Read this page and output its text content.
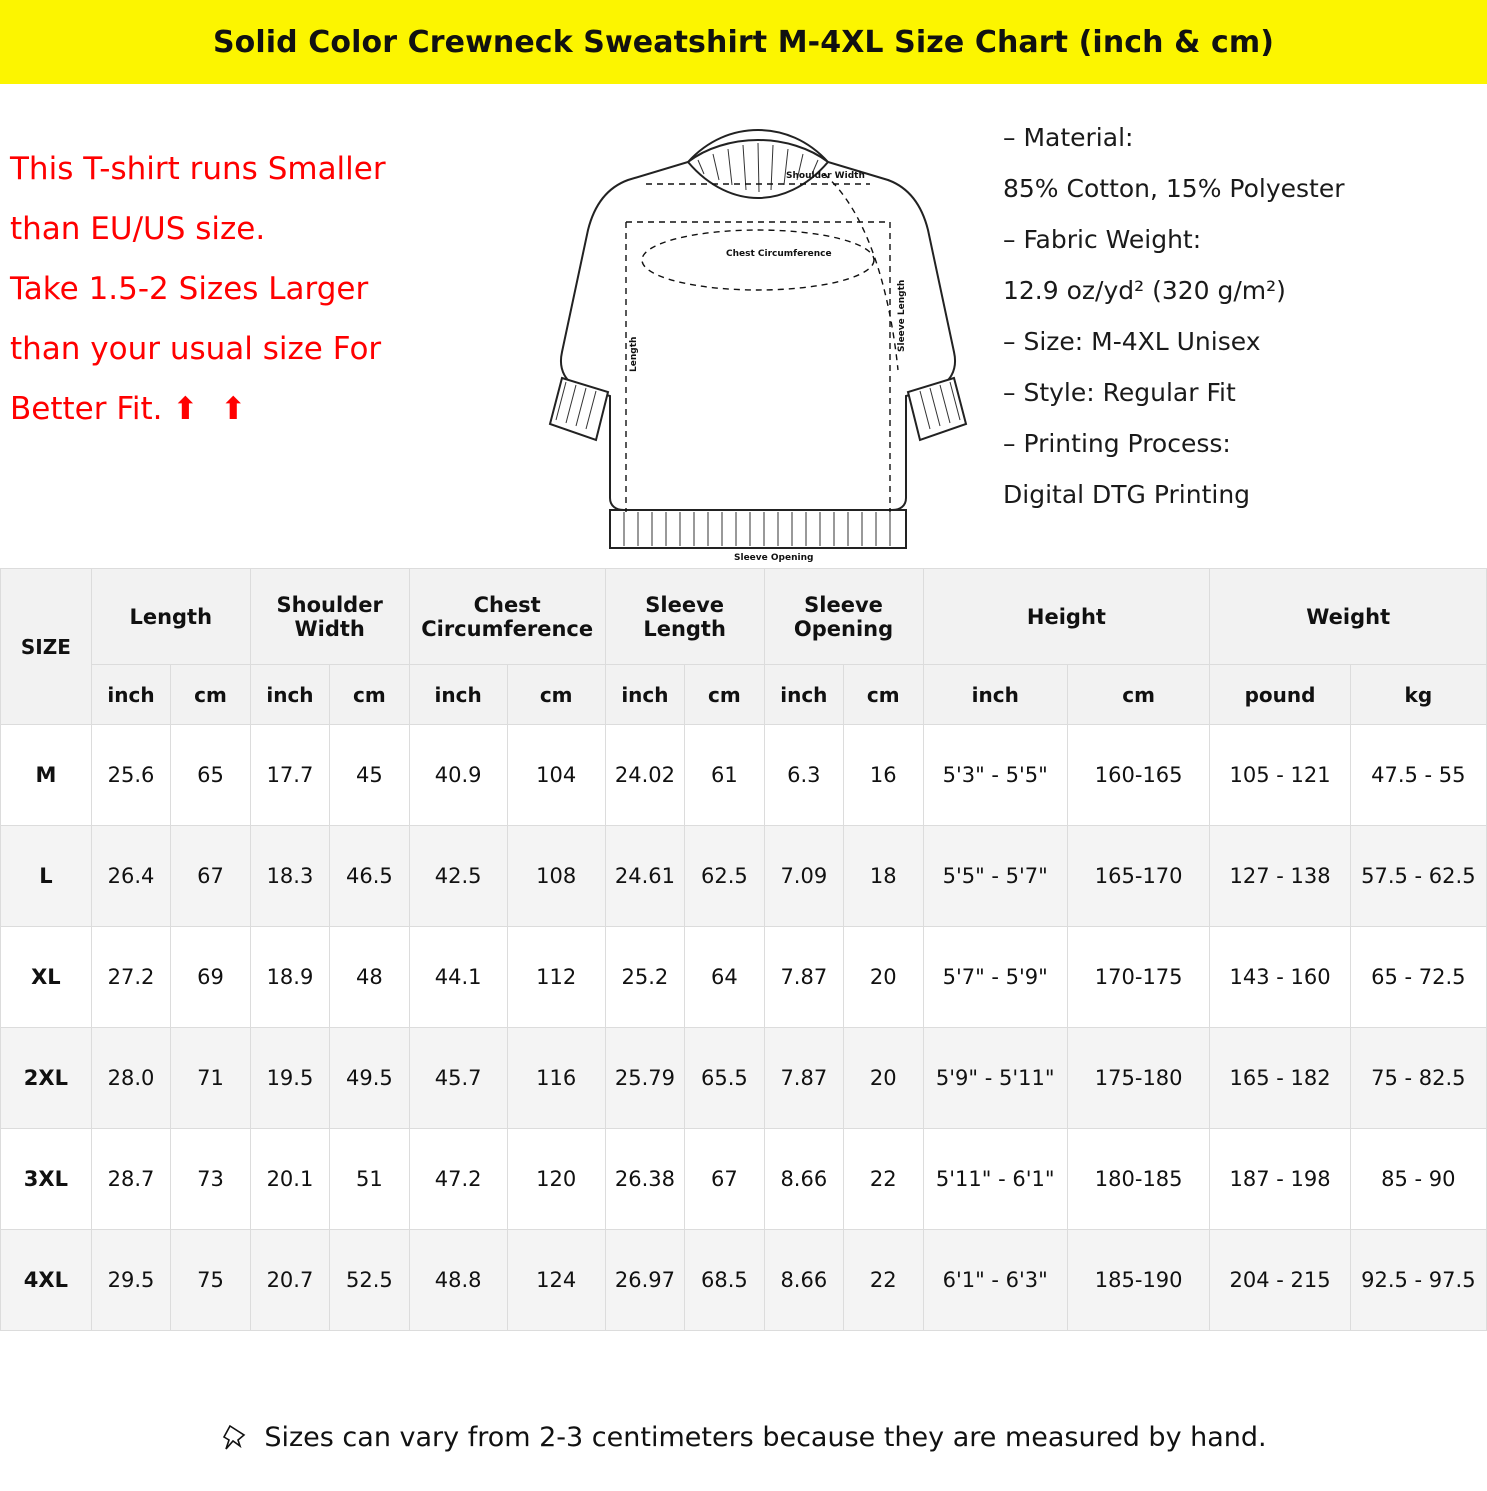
Solid Color Crewneck Sweatshirt M-4XL Size Chart (inch & cm)
This T-shirt runs Smaller
than EU/US size.
Take 1.5-2 Sizes Larger
than your usual size For
Better Fit. ⬆ ⬆
Shoulder Width
Chest Circumference
Length
Sleeve Length
Sleeve Opening
– Material:
85% Cotton, 15% Polyester
– Fabric Weight:
12.9 oz/yd² (320 g/m²)
– Size: M-4XL Unisex
– Style: Regular Fit
– Printing Process:
Digital DTG Printing
SIZE	Length		Shoulder Width		Chest Circumference		Sleeve Length		Sleeve Opening		Height		Weight	
	inch	cm	inch	cm	inch	cm	inch	cm	inch	cm	inch	cm	pound	kg
M	25.6	65	17.7	45	40.9	104	24.02	61	6.3	16	5'3" - 5'5"	160-165	105 - 121	47.5 - 55
L	26.4	67	18.3	46.5	42.5	108	24.61	62.5	7.09	18	5'5" - 5'7"	165-170	127 - 138	57.5 - 62.5
XL	27.2	69	18.9	48	44.1	112	25.2	64	7.87	20	5'7" - 5'9"	170-175	143 - 160	65 - 72.5
2XL	28.0	71	19.5	49.5	45.7	116	25.79	65.5	7.87	20	5'9" - 5'11"	175-180	165 - 182	75 - 82.5
3XL	28.7	73	20.1	51	47.2	120	26.38	67	8.66	22	5'11" - 6'1"	180-185	187 - 198	85 - 90
4XL	29.5	75	20.7	52.5	48.8	124	26.97	68.5	8.66	22	6'1" - 6'3"	185-190	204 - 215	92.5 - 97.5
Sizes can vary from 2-3 centimeters because they are measured by hand.
